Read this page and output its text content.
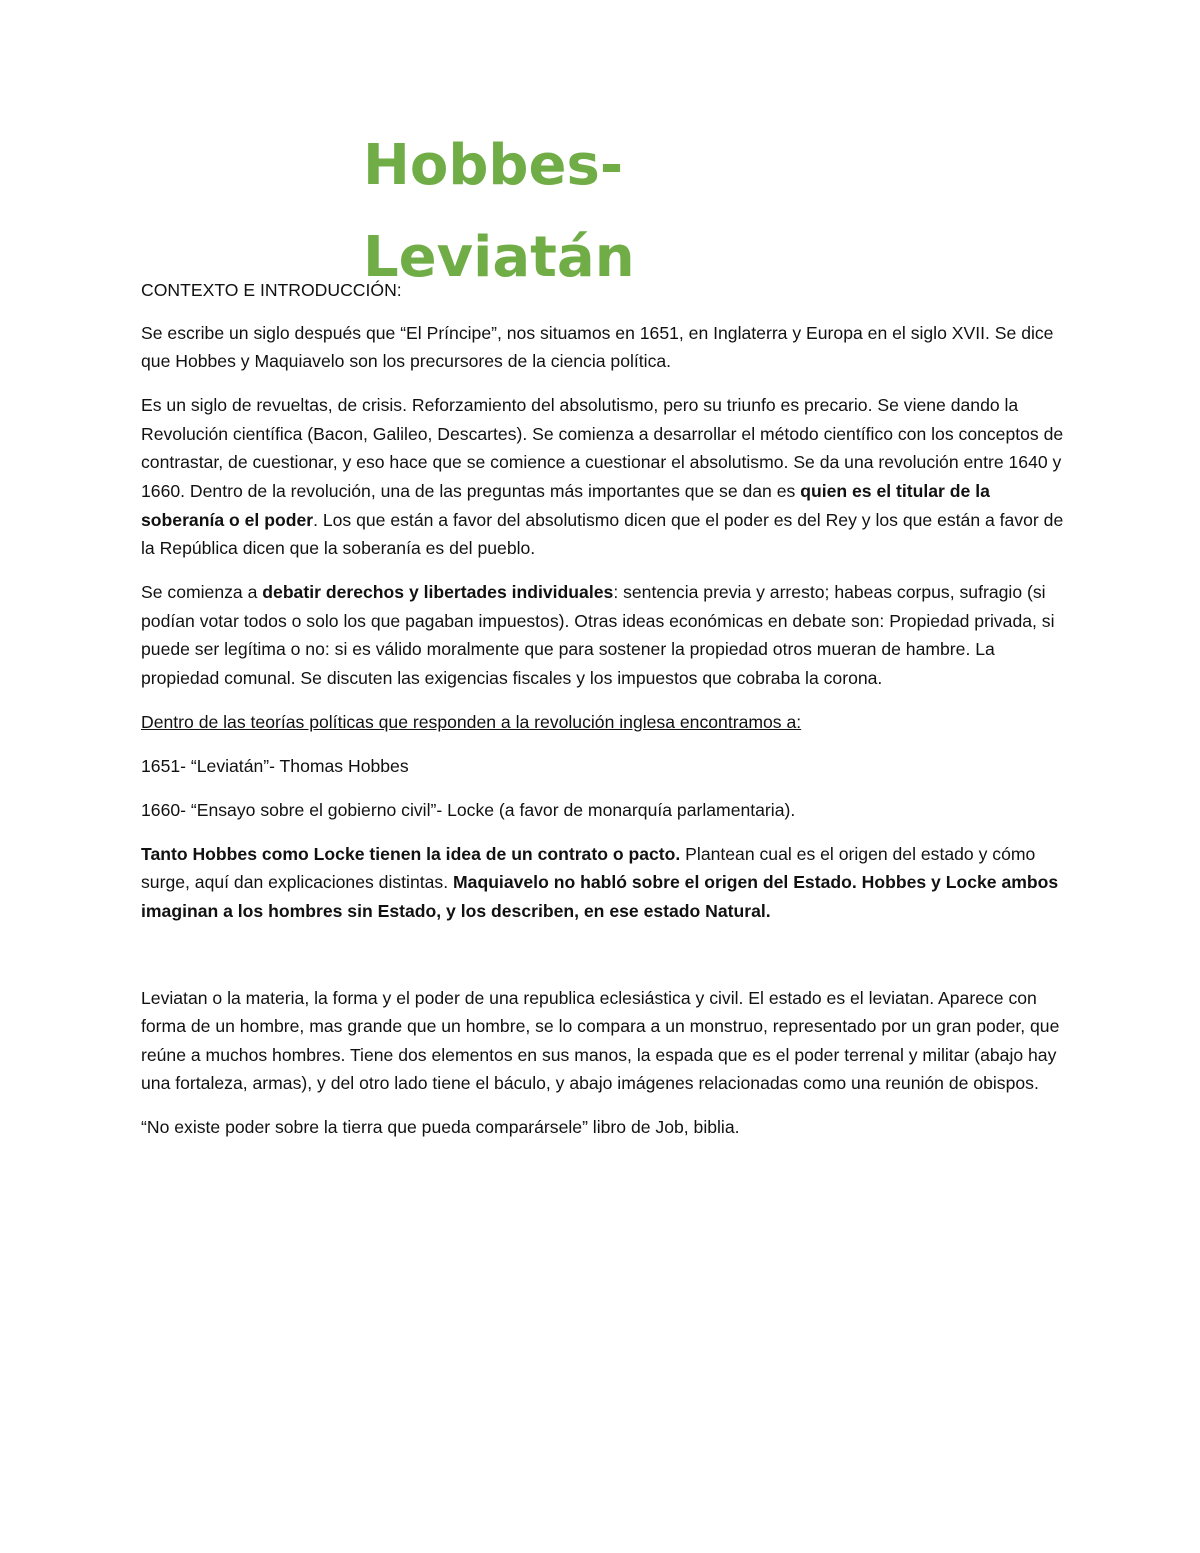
Hobbes-
Leviatán

CONTEXTO E INTRODUCCIÓN:

Se escribe un siglo después que “El Príncipe”, nos situamos en 1651, en Inglaterra y Europa en el siglo XVII. Se dice que Hobbes y Maquiavelo son los precursores de la ciencia política.

Es un siglo de revueltas, de crisis. Reforzamiento del absolutismo, pero su triunfo es precario. Se viene dando la Revolución científica (Bacon, Galileo, Descartes). Se comienza a desarrollar el método científico con los conceptos de contrastar, de cuestionar, y eso hace que se comience a cuestionar el absolutismo. Se da una revolución entre 1640 y 1660. Dentro de la revolución, una de las preguntas más importantes que se dan es quien es el titular de la soberanía o el poder. Los que están a favor del absolutismo dicen que el poder es del Rey y los que están a favor de la República dicen que la soberanía es del pueblo.

Se comienza a debatir derechos y libertades individuales: sentencia previa y arresto; habeas corpus, sufragio (si podían votar todos o solo los que pagaban impuestos). Otras ideas económicas en debate son: Propiedad privada, si puede ser legítima o no: si es válido moralmente que para sostener la propiedad otros mueran de hambre. La propiedad comunal. Se discuten las exigencias fiscales y los impuestos que cobraba la corona.

Dentro de las teorías políticas que responden a la revolución inglesa encontramos a:

1651- “Leviatán”- Thomas Hobbes

1660- “Ensayo sobre el gobierno civil”- Locke (a favor de monarquía parlamentaria).

Tanto Hobbes como Locke tienen la idea de un contrato o pacto. Plantean cual es el origen del estado y cómo surge, aquí dan explicaciones distintas. Maquiavelo no habló sobre el origen del Estado. Hobbes y Locke ambos imaginan a los hombres sin Estado, y los describen, en ese estado Natural.

Leviatan o la materia, la forma y el poder de una republica eclesiástica y civil. El estado es el leviatan. Aparece con forma de un hombre, mas grande que un hombre, se lo compara a un monstruo, representado por un gran poder, que reúne a muchos hombres. Tiene dos elementos en sus manos, la espada que es el poder terrenal y militar (abajo hay una fortaleza, armas), y del otro lado tiene el báculo, y abajo imágenes relacionadas como una reunión de obispos.

“No existe poder sobre la tierra que pueda comparársele” libro de Job, biblia.
